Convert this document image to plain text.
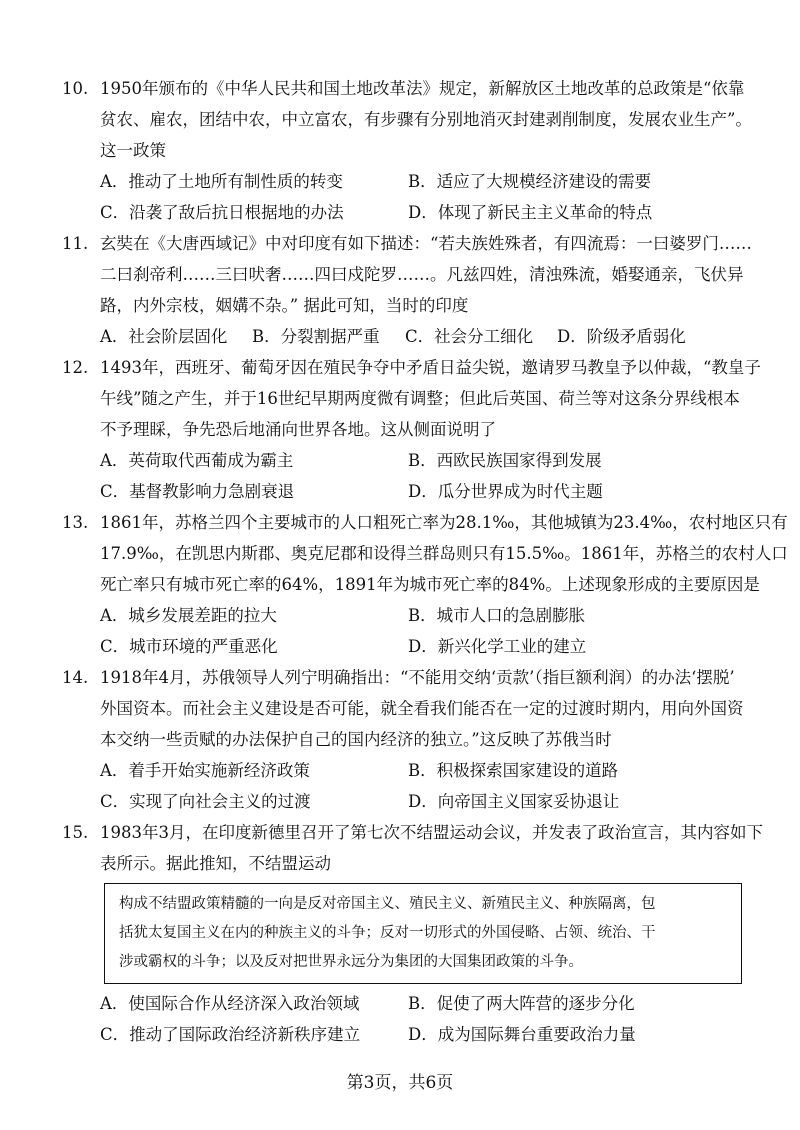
10. 1950年颁布的《中华人民共和国土地改革法》规定，新解放区土地改革的总政策是“依靠
贫农、雇农，团结中农，中立富农，有步骤有分别地消灭封建剥削制度，发展农业生产”。
这一政策
A．推动了土地所有制性质的转变	B．适应了大规模经济建设的需要
C．沿袭了敌后抗日根据地的办法	D．体现了新民主主义革命的特点
11. 玄奘在《大唐西域记》中对印度有如下描述：“若夫族姓殊者，有四流焉：一曰婆罗门……
二曰刹帝利……三曰吠奢……四曰戍陀罗……。凡兹四姓，清浊殊流，婚娶通亲，飞伏异
路，内外宗枝，姻媾不杂。” 据此可知，当时的印度
A．社会阶层固化 B．分裂割据严重 C．社会分工细化 D．阶级矛盾弱化
12. 1493年，西班牙、葡萄牙因在殖民争夺中矛盾日益尖锐，邀请罗马教皇予以仲裁，“教皇子
午线”随之产生，并于16世纪早期两度微有调整；但此后英国、荷兰等对这条分界线根本
不予理睬，争先恐后地涌向世界各地。这从侧面说明了
A．英荷取代西葡成为霸主	B．西欧民族国家得到发展
C．基督教影响力急剧衰退	D．瓜分世界成为时代主题
13. 1861年，苏格兰四个主要城市的人口粗死亡率为28.1‰，其他城镇为23.4‰，农村地区只有
17.9‰，在凯思内斯郡、奥克尼郡和设得兰群岛则只有15.5‰。1861年，苏格兰的农村人口
死亡率只有城市死亡率的64%，1891年为城市死亡率的84%。上述现象形成的主要原因是
A．城乡发展差距的拉大	B．城市人口的急剧膨胀
C．城市环境的严重恶化	D．新兴化学工业的建立
14. 1918年4月，苏俄领导人列宁明确指出：“不能用交纳‘贡款’（指巨额利润）的办法‘摆脱’
外国资本。而社会主义建设是否可能，就全看我们能否在一定的过渡时期内，用向外国资
本交纳一些贡赋的办法保护自己的国内经济的独立。”这反映了苏俄当时
A．着手开始实施新经济政策	B．积极探索国家建设的道路
C．实现了向社会主义的过渡	D．向帝国主义国家妥协退让
15. 1983年3月，在印度新德里召开了第七次不结盟运动会议，并发表了政治宣言，其内容如下
表所示。据此推知，不结盟运动
构成不结盟政策精髓的一向是反对帝国主义、殖民主义、新殖民主义、种族隔离，包
括犹太复国主义在内的种族主义的斗争；反对一切形式的外国侵略、占领、统治、干
涉或霸权的斗争；以及反对把世界永远分为集团的大国集团政策的斗争。
A．使国际合作从经济深入政治领域	B．促使了两大阵营的逐步分化
C．推动了国际政治经济新秩序建立	D．成为国际舞台重要政治力量
第3页，共6页
